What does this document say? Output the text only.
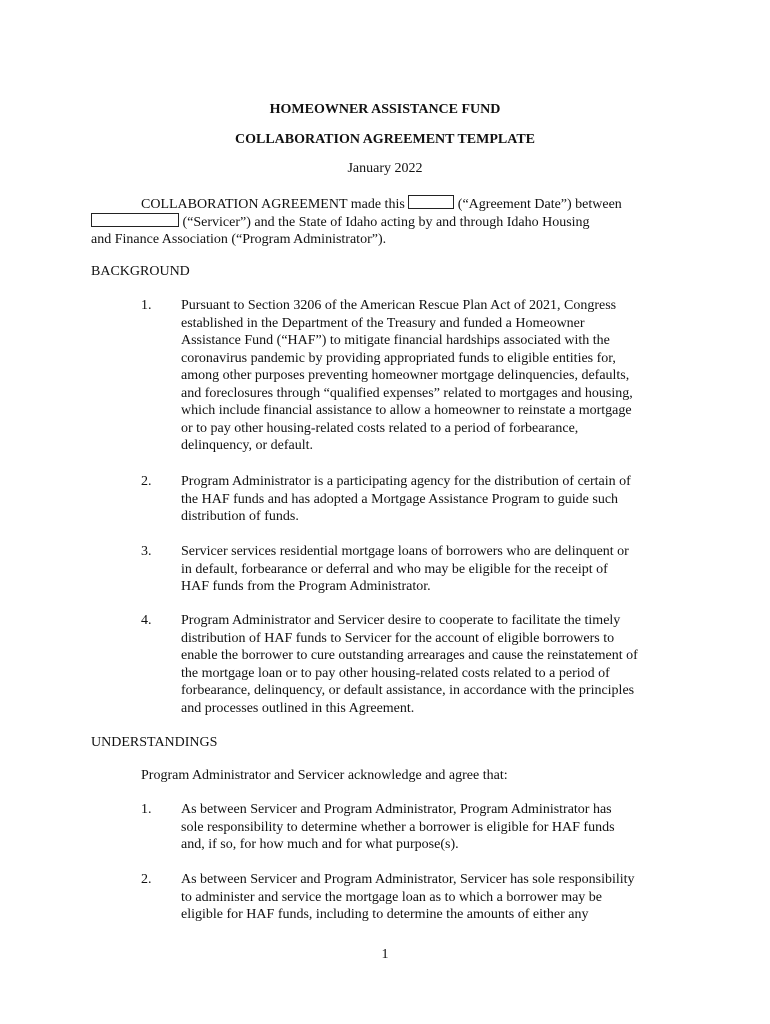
HOMEOWNER ASSISTANCE FUND
COLLABORATION AGREEMENT TEMPLATE
January 2022
COLLABORATION AGREEMENT made this	(“Agreement Date”) between
(“Servicer”) and the State of Idaho acting by and through Idaho Housing
and Finance Association (“Program Administrator”).
BACKGROUND
1. Pursuant to Section 3206 of the American Rescue Plan Act of 2021, Congress
established in the Department of the Treasury and funded a Homeowner
Assistance Fund (“HAF”) to mitigate financial hardships associated with the
coronavirus pandemic by providing appropriated funds to eligible entities for,
among other purposes preventing homeowner mortgage delinquencies, defaults,
and foreclosures through “qualified expenses” related to mortgages and housing,
which include financial assistance to allow a homeowner to reinstate a mortgage
or to pay other housing-related costs related to a period of forbearance,
delinquency, or default.
2. Program Administrator is a participating agency for the distribution of certain of
the HAF funds and has adopted a Mortgage Assistance Program to guide such
distribution of funds.
3. Servicer services residential mortgage loans of borrowers who are delinquent or
in default, forbearance or deferral and who may be eligible for the receipt of
HAF funds from the Program Administrator.
4. Program Administrator and Servicer desire to cooperate to facilitate the timely
distribution of HAF funds to Servicer for the account of eligible borrowers to
enable the borrower to cure outstanding arrearages and cause the reinstatement of
the mortgage loan or to pay other housing-related costs related to a period of
forbearance, delinquency, or default assistance, in accordance with the principles
and processes outlined in this Agreement.
UNDERSTANDINGS
Program Administrator and Servicer acknowledge and agree that:
1. As between Servicer and Program Administrator, Program Administrator has
sole responsibility to determine whether a borrower is eligible for HAF funds
and, if so, for how much and for what purpose(s).
2. As between Servicer and Program Administrator, Servicer has sole responsibility
to administer and service the mortgage loan as to which a borrower may be
eligible for HAF funds, including to determine the amounts of either any
1
